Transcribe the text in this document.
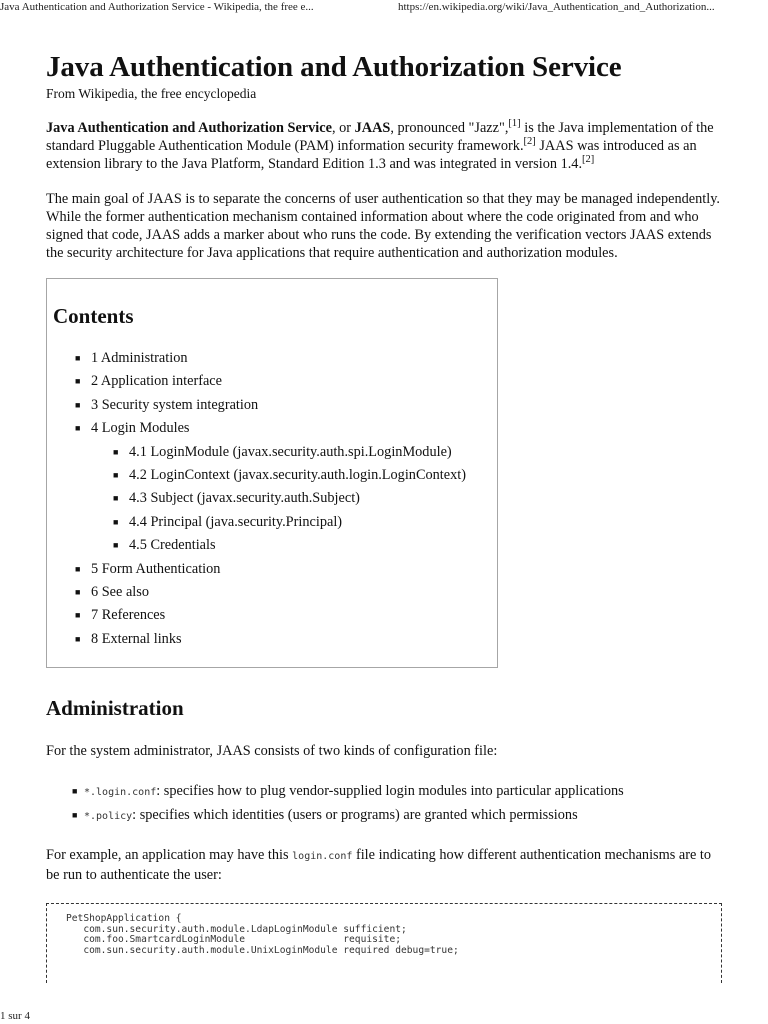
Java Authentication and Authorization Service - Wikipedia, the free e...	https://en.wikipedia.org/wiki/Java_Authentication_and_Authorization...
Java Authentication and Authorization Service
From Wikipedia, the free encyclopedia

Java Authentication and Authorization Service, or JAAS, pronounced "Jazz",[1] is the Java implementation of the standard Pluggable Authentication Module (PAM) information security framework.[2] JAAS was introduced as an extension library to the Java Platform, Standard Edition 1.3 and was integrated in version 1.4.[2]

The main goal of JAAS is to separate the concerns of user authentication so that they may be managed independently. While the former authentication mechanism contained information about where the code originated from and who signed that code, JAAS adds a marker about who runs the code. By extending the verification vectors JAAS extends the security architecture for Java applications that require authentication and authorization modules.

Contents
■ 1 Administration
■ 2 Application interface
■ 3 Security system integration
■ 4 Login Modules
■ 4.1 LoginModule (javax.security.auth.spi.LoginModule)
■ 4.2 LoginContext (javax.security.auth.login.LoginContext)
■ 4.3 Subject (javax.security.auth.Subject)
■ 4.4 Principal (java.security.Principal)
■ 4.5 Credentials
■ 5 Form Authentication
■ 6 See also
■ 7 References
■ 8 External links
Administration

For the system administrator, JAAS consists of two kinds of configuration file:

■ *.login.conf: specifies how to plug vendor-supplied login modules into particular applications
■ *.policy: specifies which identities (users or programs) are granted which permissions

For example, an application may have this login.conf file indicating how different authentication mechanisms are to be run to authenticate the user:

PetShopApplication {
com.sun.security.auth.module.LdapLoginModule sufficient;
com.foo.SmartcardLoginModule                 requisite;
com.sun.security.auth.module.UnixLoginModule required debug=true;
1 sur 4
